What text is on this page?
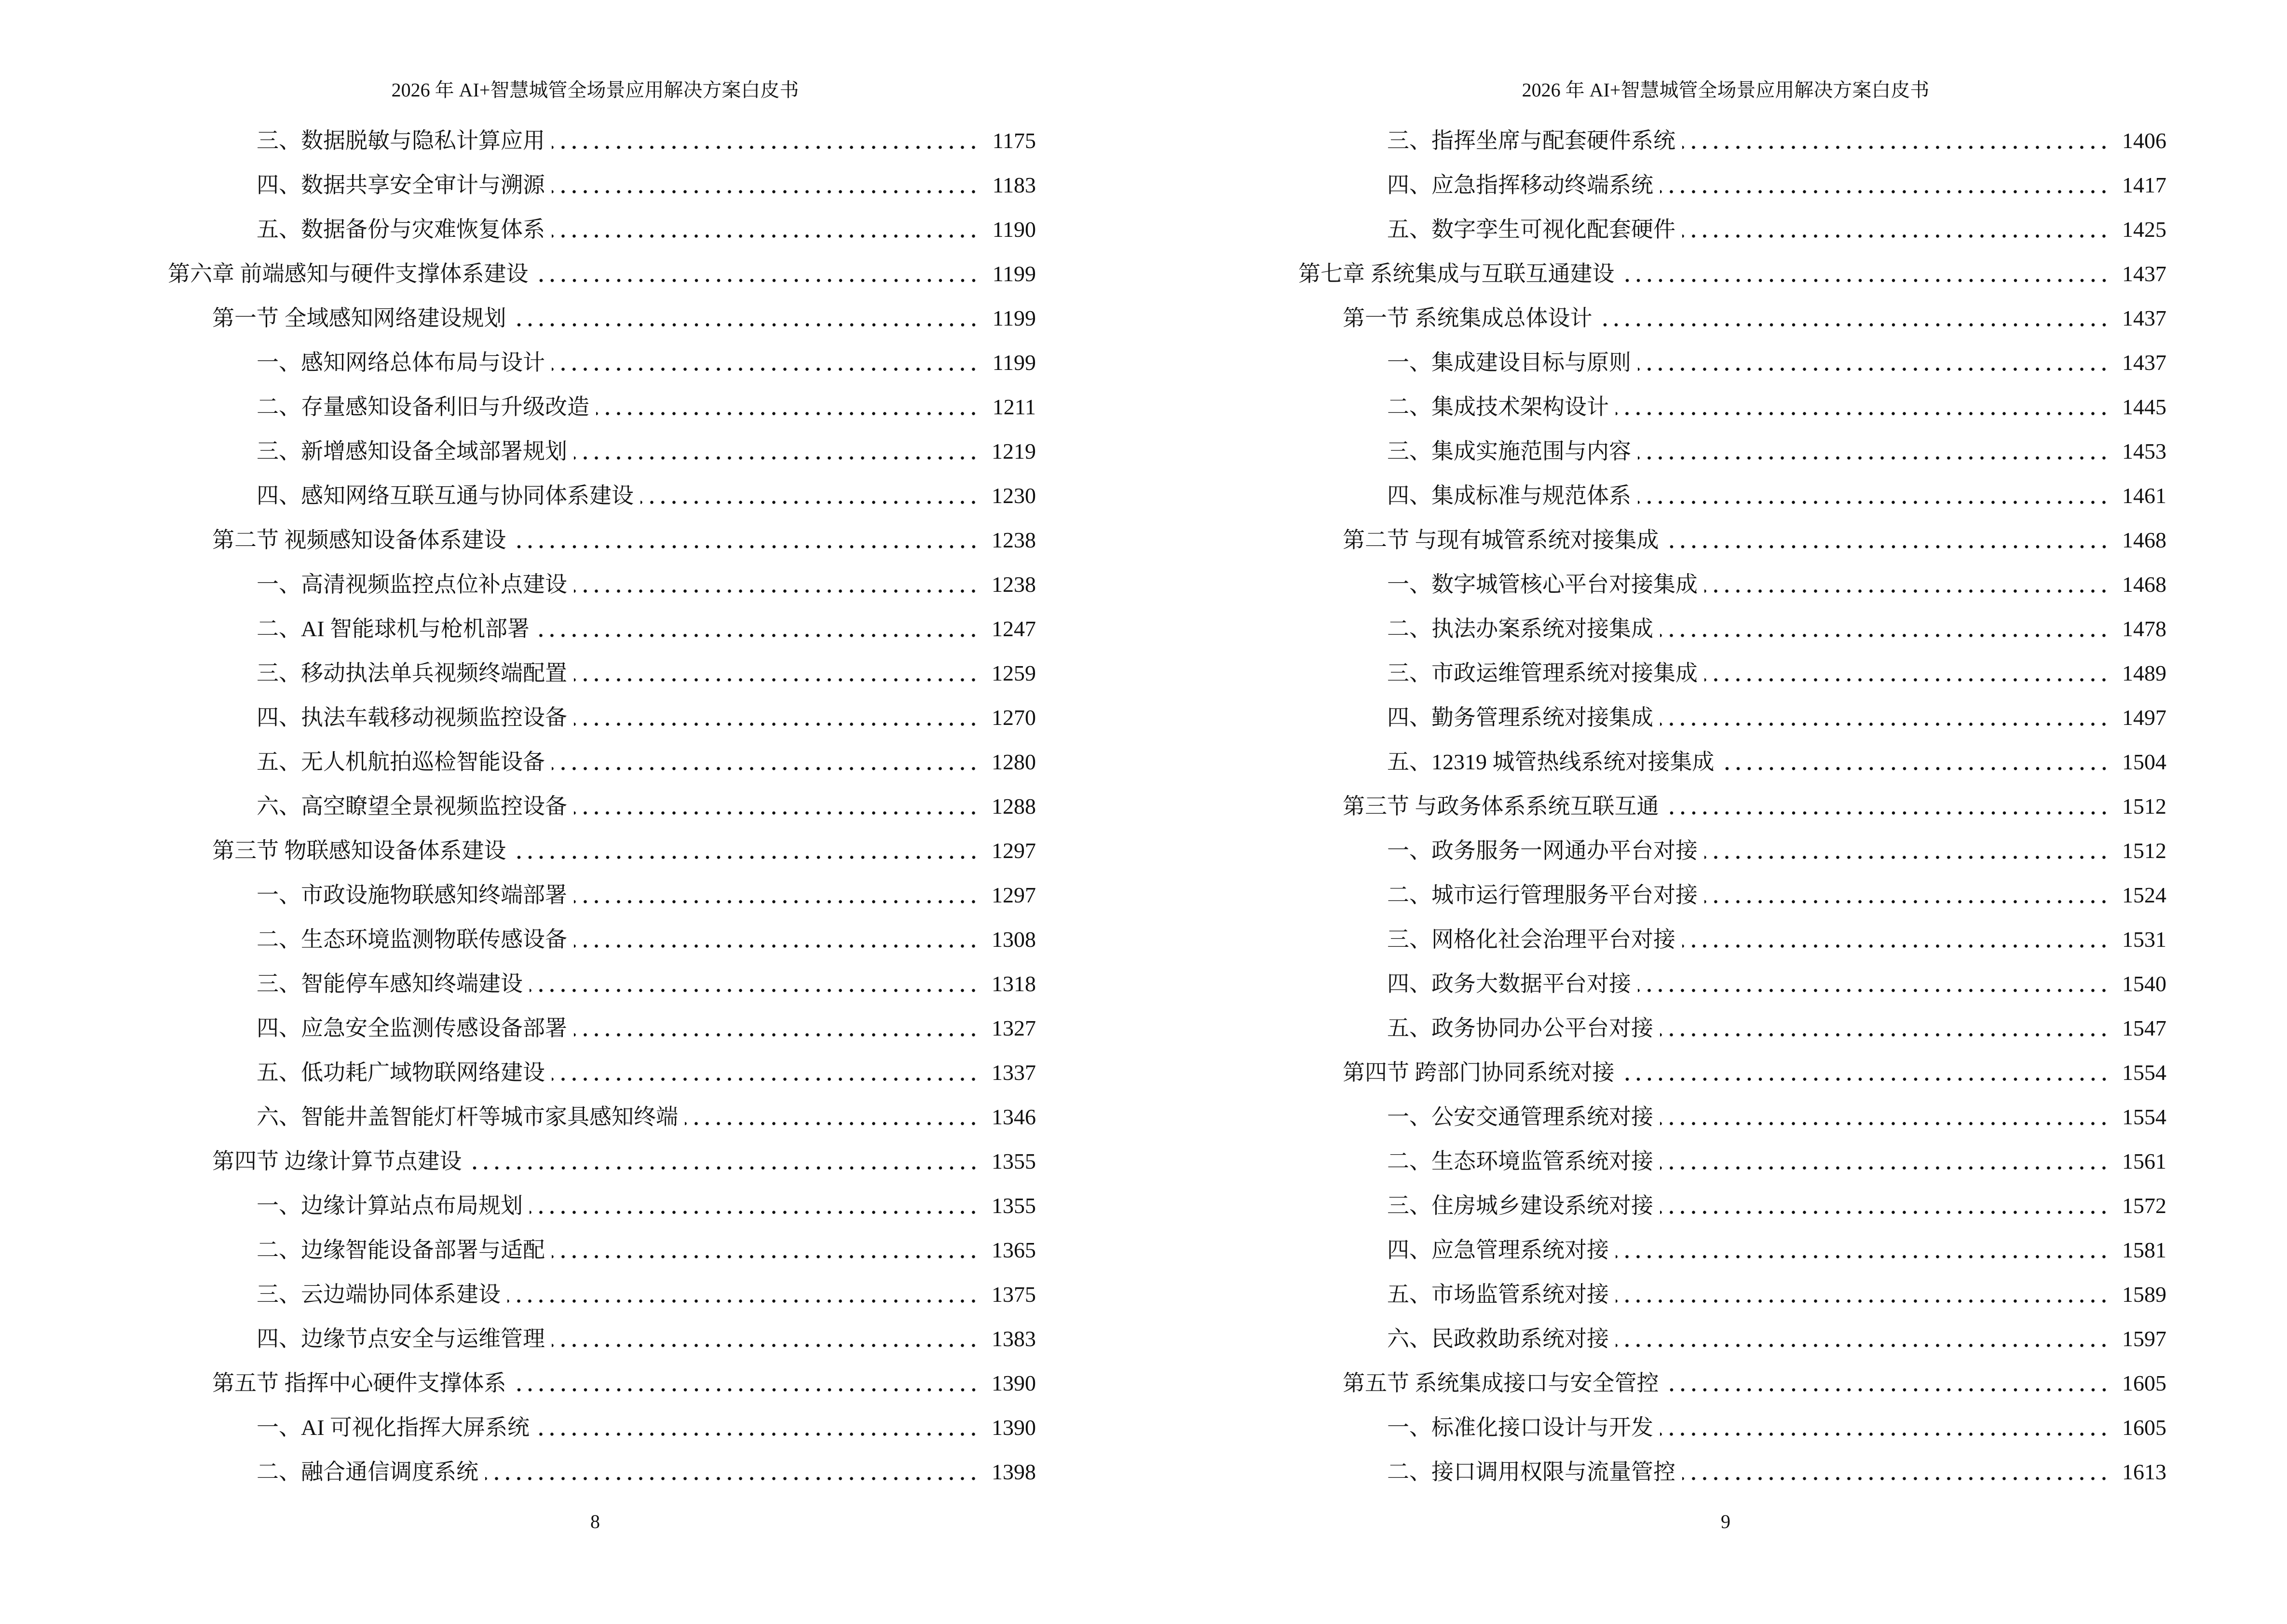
2026 年 AI+智慧城管全场景应用解决方案白皮书
三、数据脱敏与隐私计算应用	1175
四、数据共享安全审计与溯源	1183
五、数据备份与灾难恢复体系	1190
第六章 前端感知与硬件支撑体系建设	1199
第一节 全域感知网络建设规划	1199
一、感知网络总体布局与设计	1199
二、存量感知设备利旧与升级改造	1211
三、新增感知设备全域部署规划	1219
四、感知网络互联互通与协同体系建设	1230
第二节 视频感知设备体系建设	1238
一、高清视频监控点位补点建设	1238
二、AI 智能球机与枪机部署	1247
三、移动执法单兵视频终端配置	1259
四、执法车载移动视频监控设备	1270
五、无人机航拍巡检智能设备	1280
六、高空瞭望全景视频监控设备	1288
第三节 物联感知设备体系建设	1297
一、市政设施物联感知终端部署	1297
二、生态环境监测物联传感设备	1308
三、智能停车感知终端建设	1318
四、应急安全监测传感设备部署	1327
五、低功耗广域物联网络建设	1337
六、智能井盖智能灯杆等城市家具感知终端	1346
第四节 边缘计算节点建设	1355
一、边缘计算站点布局规划	1355
二、边缘智能设备部署与适配	1365
三、云边端协同体系建设	1375
四、边缘节点安全与运维管理	1383
第五节 指挥中心硬件支撑体系	1390
一、AI 可视化指挥大屏系统	1390
二、融合通信调度系统	1398
8
2026 年 AI+智慧城管全场景应用解决方案白皮书
三、指挥坐席与配套硬件系统	1406
四、应急指挥移动终端系统	1417
五、数字孪生可视化配套硬件	1425
第七章 系统集成与互联互通建设	1437
第一节 系统集成总体设计	1437
一、集成建设目标与原则	1437
二、集成技术架构设计	1445
三、集成实施范围与内容	1453
四、集成标准与规范体系	1461
第二节 与现有城管系统对接集成	1468
一、数字城管核心平台对接集成	1468
二、执法办案系统对接集成	1478
三、市政运维管理系统对接集成	1489
四、勤务管理系统对接集成	1497
五、12319 城管热线系统对接集成	1504
第三节 与政务体系系统互联互通	1512
一、政务服务一网通办平台对接	1512
二、城市运行管理服务平台对接	1524
三、网格化社会治理平台对接	1531
四、政务大数据平台对接	1540
五、政务协同办公平台对接	1547
第四节 跨部门协同系统对接	1554
一、公安交通管理系统对接	1554
二、生态环境监管系统对接	1561
三、住房城乡建设系统对接	1572
四、应急管理系统对接	1581
五、市场监管系统对接	1589
六、民政救助系统对接	1597
第五节 系统集成接口与安全管控	1605
一、标准化接口设计与开发	1605
二、接口调用权限与流量管控	1613
9
